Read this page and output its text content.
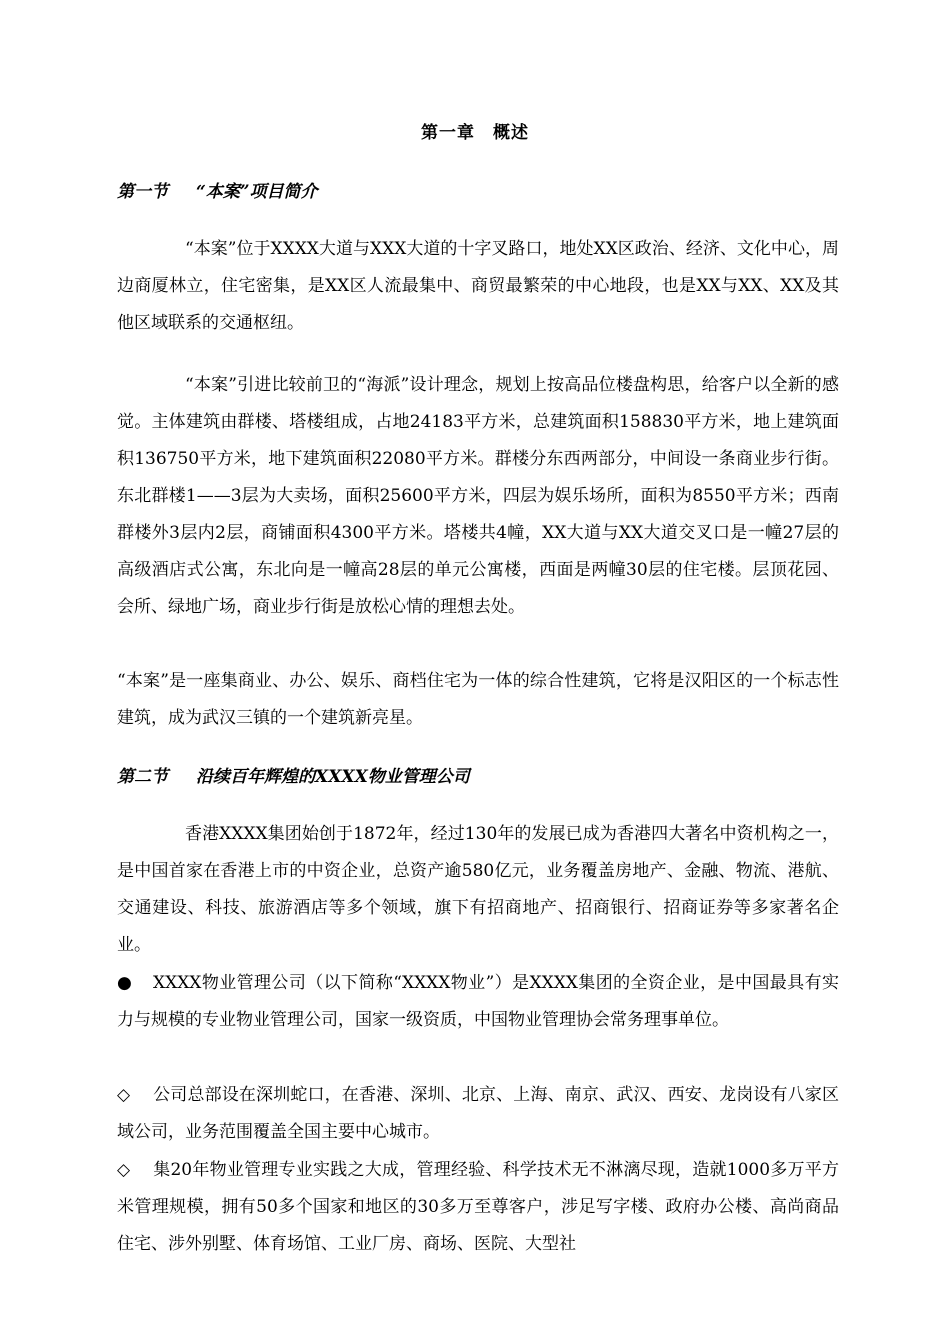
第一章　概述
第一节 “本案”项目简介
“本案”位于XXXX大道与XXX大道的十字叉路口，地处XX区政治、经济、文化中心，周边商厦林立，住宅密集，是XX区人流最集中、商贸最繁荣的中心地段，也是XX与XX、XX及其他区域联系的交通枢纽。
“本案”引进比较前卫的“海派”设计理念，规划上按高品位楼盘构思，给客户以全新的感觉。主体建筑由群楼、塔楼组成，占地24183平方米，总建筑面积158830平方米，地上建筑面积136750平方米，地下建筑面积22080平方米。群楼分东西两部分，中间设一条商业步行街。东北群楼1——3层为大卖场，面积25600平方米，四层为娱乐场所，面积为8550平方米；西南群楼外3层内2层，商铺面积4300平方米。塔楼共4幢，XX大道与XX大道交叉口是一幢27层的高级酒店式公寓，东北向是一幢高28层的单元公寓楼，西面是两幢30层的住宅楼。层顶花园、会所、绿地广场，商业步行街是放松心情的理想去处。
“本案”是一座集商业、办公、娱乐、商档住宅为一体的综合性建筑，它将是汉阳区的一个标志性建筑，成为武汉三镇的一个建筑新亮星。
第二节 沿续百年辉煌的XXXX物业管理公司
香港XXXX集团始创于1872年，经过130年的发展已成为香港四大著名中资机构之一，是中国首家在香港上市的中资企业，总资产逾580亿元，业务覆盖房地产、金融、物流、港航、交通建设、科技、旅游酒店等多个领域，旗下有招商地产、招商银行、招商证券等多家著名企业。
● XXXX物业管理公司（以下简称“XXXX物业”）是XXXX集团的全资企业，是中国最具有实力与规模的专业物业管理公司，国家一级资质，中国物业管理协会常务理事单位。
◇ 公司总部设在深圳蛇口，在香港、深圳、北京、上海、南京、武汉、西安、龙岗设有八家区域公司，业务范围覆盖全国主要中心城市。
◇ 集20年物业管理专业实践之大成，管理经验、科学技术无不淋漓尽现，造就1000多万平方米管理规模，拥有50多个国家和地区的30多万至尊客户，涉足写字楼、政府办公楼、高尚商品住宅、涉外别墅、体育场馆、工业厂房、商场、医院、大型社
